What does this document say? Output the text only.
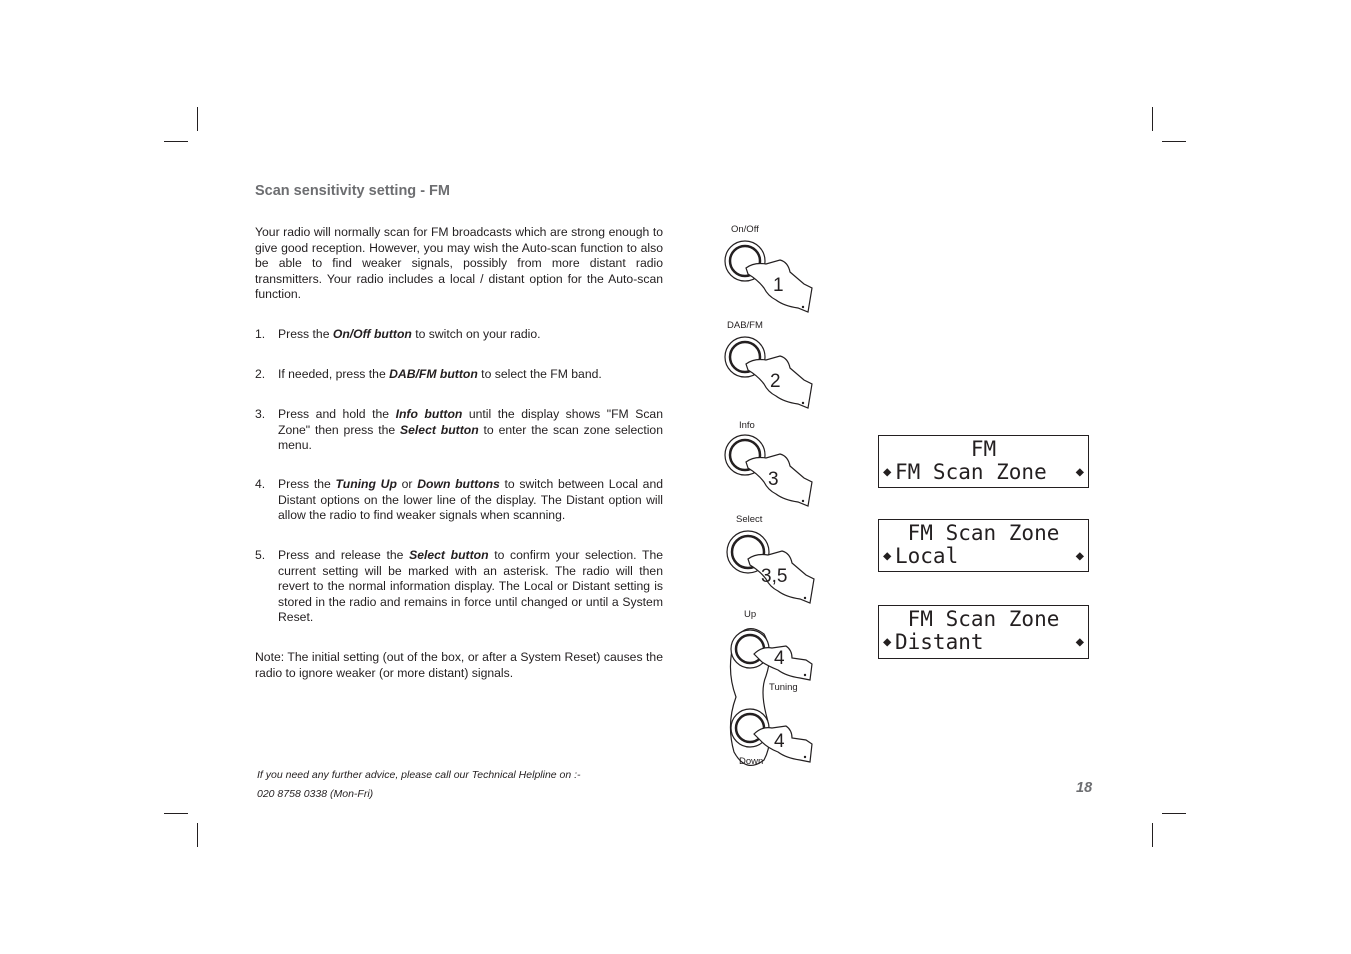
Scan sensitivity setting - FM

Your radio will normally scan for FM broadcasts which are strong enough to give good reception. However, you may wish the Auto-scan function to also be able to find weaker signals, possibly from more distant radio transmitters. Your radio includes a local / distant option for the Auto-scan function.

1. Press the On/Off button to switch on your radio.
2. If needed, press the DAB/FM button to select the FM band.
3. Press and hold the Info button until the display shows "FM Scan Zone" then press the Select button to enter the scan zone selection menu.
4. Press the Tuning Up or Down buttons to switch between Local and Distant options on the lower line of the display. The Distant option will allow the radio to find weaker signals when scanning.
5. Press and release the Select button to confirm your selection. The current setting will be marked with an asterisk. The radio will then revert to the normal information display. The Local or Distant setting is stored in the radio and remains in force until changed or until a System Reset.

Note: The initial setting (out of the box, or after a System Reset) causes the radio to ignore weaker (or more distant) signals.

If you need any further advice, please call our Technical Helpline on :-
020 8758 0338 (Mon-Fri)	18
On/Off
1
DAB/FM
2
Info
3
Select
3,5
Up
4
Tuning
4
Down
FM
◆ FM Scan Zone	◆
FM Scan Zone
◆ Local	◆
FM Scan Zone
◆ Distant	◆
